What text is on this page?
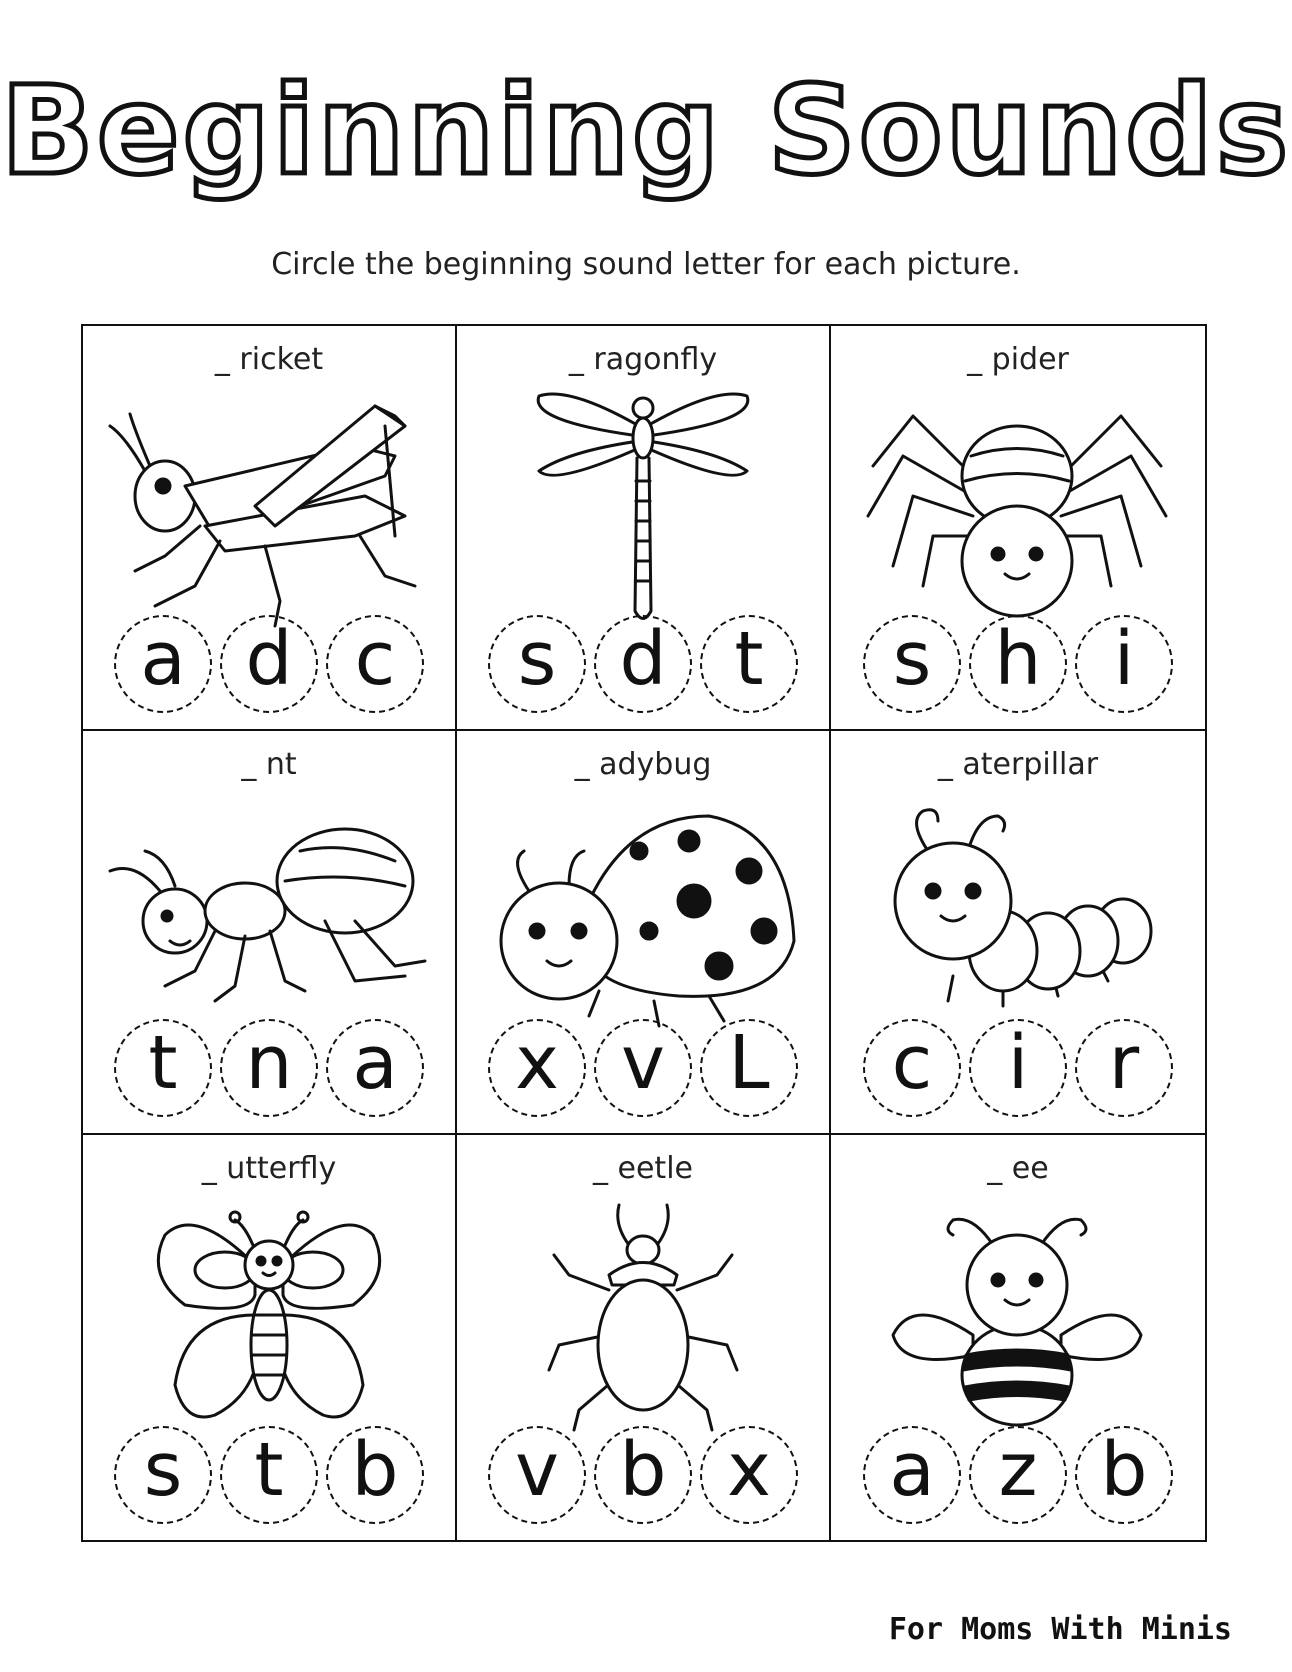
Beginning Sounds
Circle the beginning sound letter for each picture.
_ ricket
a d c
_ ragonfly
s d t
_ pider
s h i
_ nt
t n a
_ adybug
x v L
_ aterpillar
c	i	r
_ utterfly
s t b
_ eetle
v b x
_ ee
a z b
For Moms With Minis
